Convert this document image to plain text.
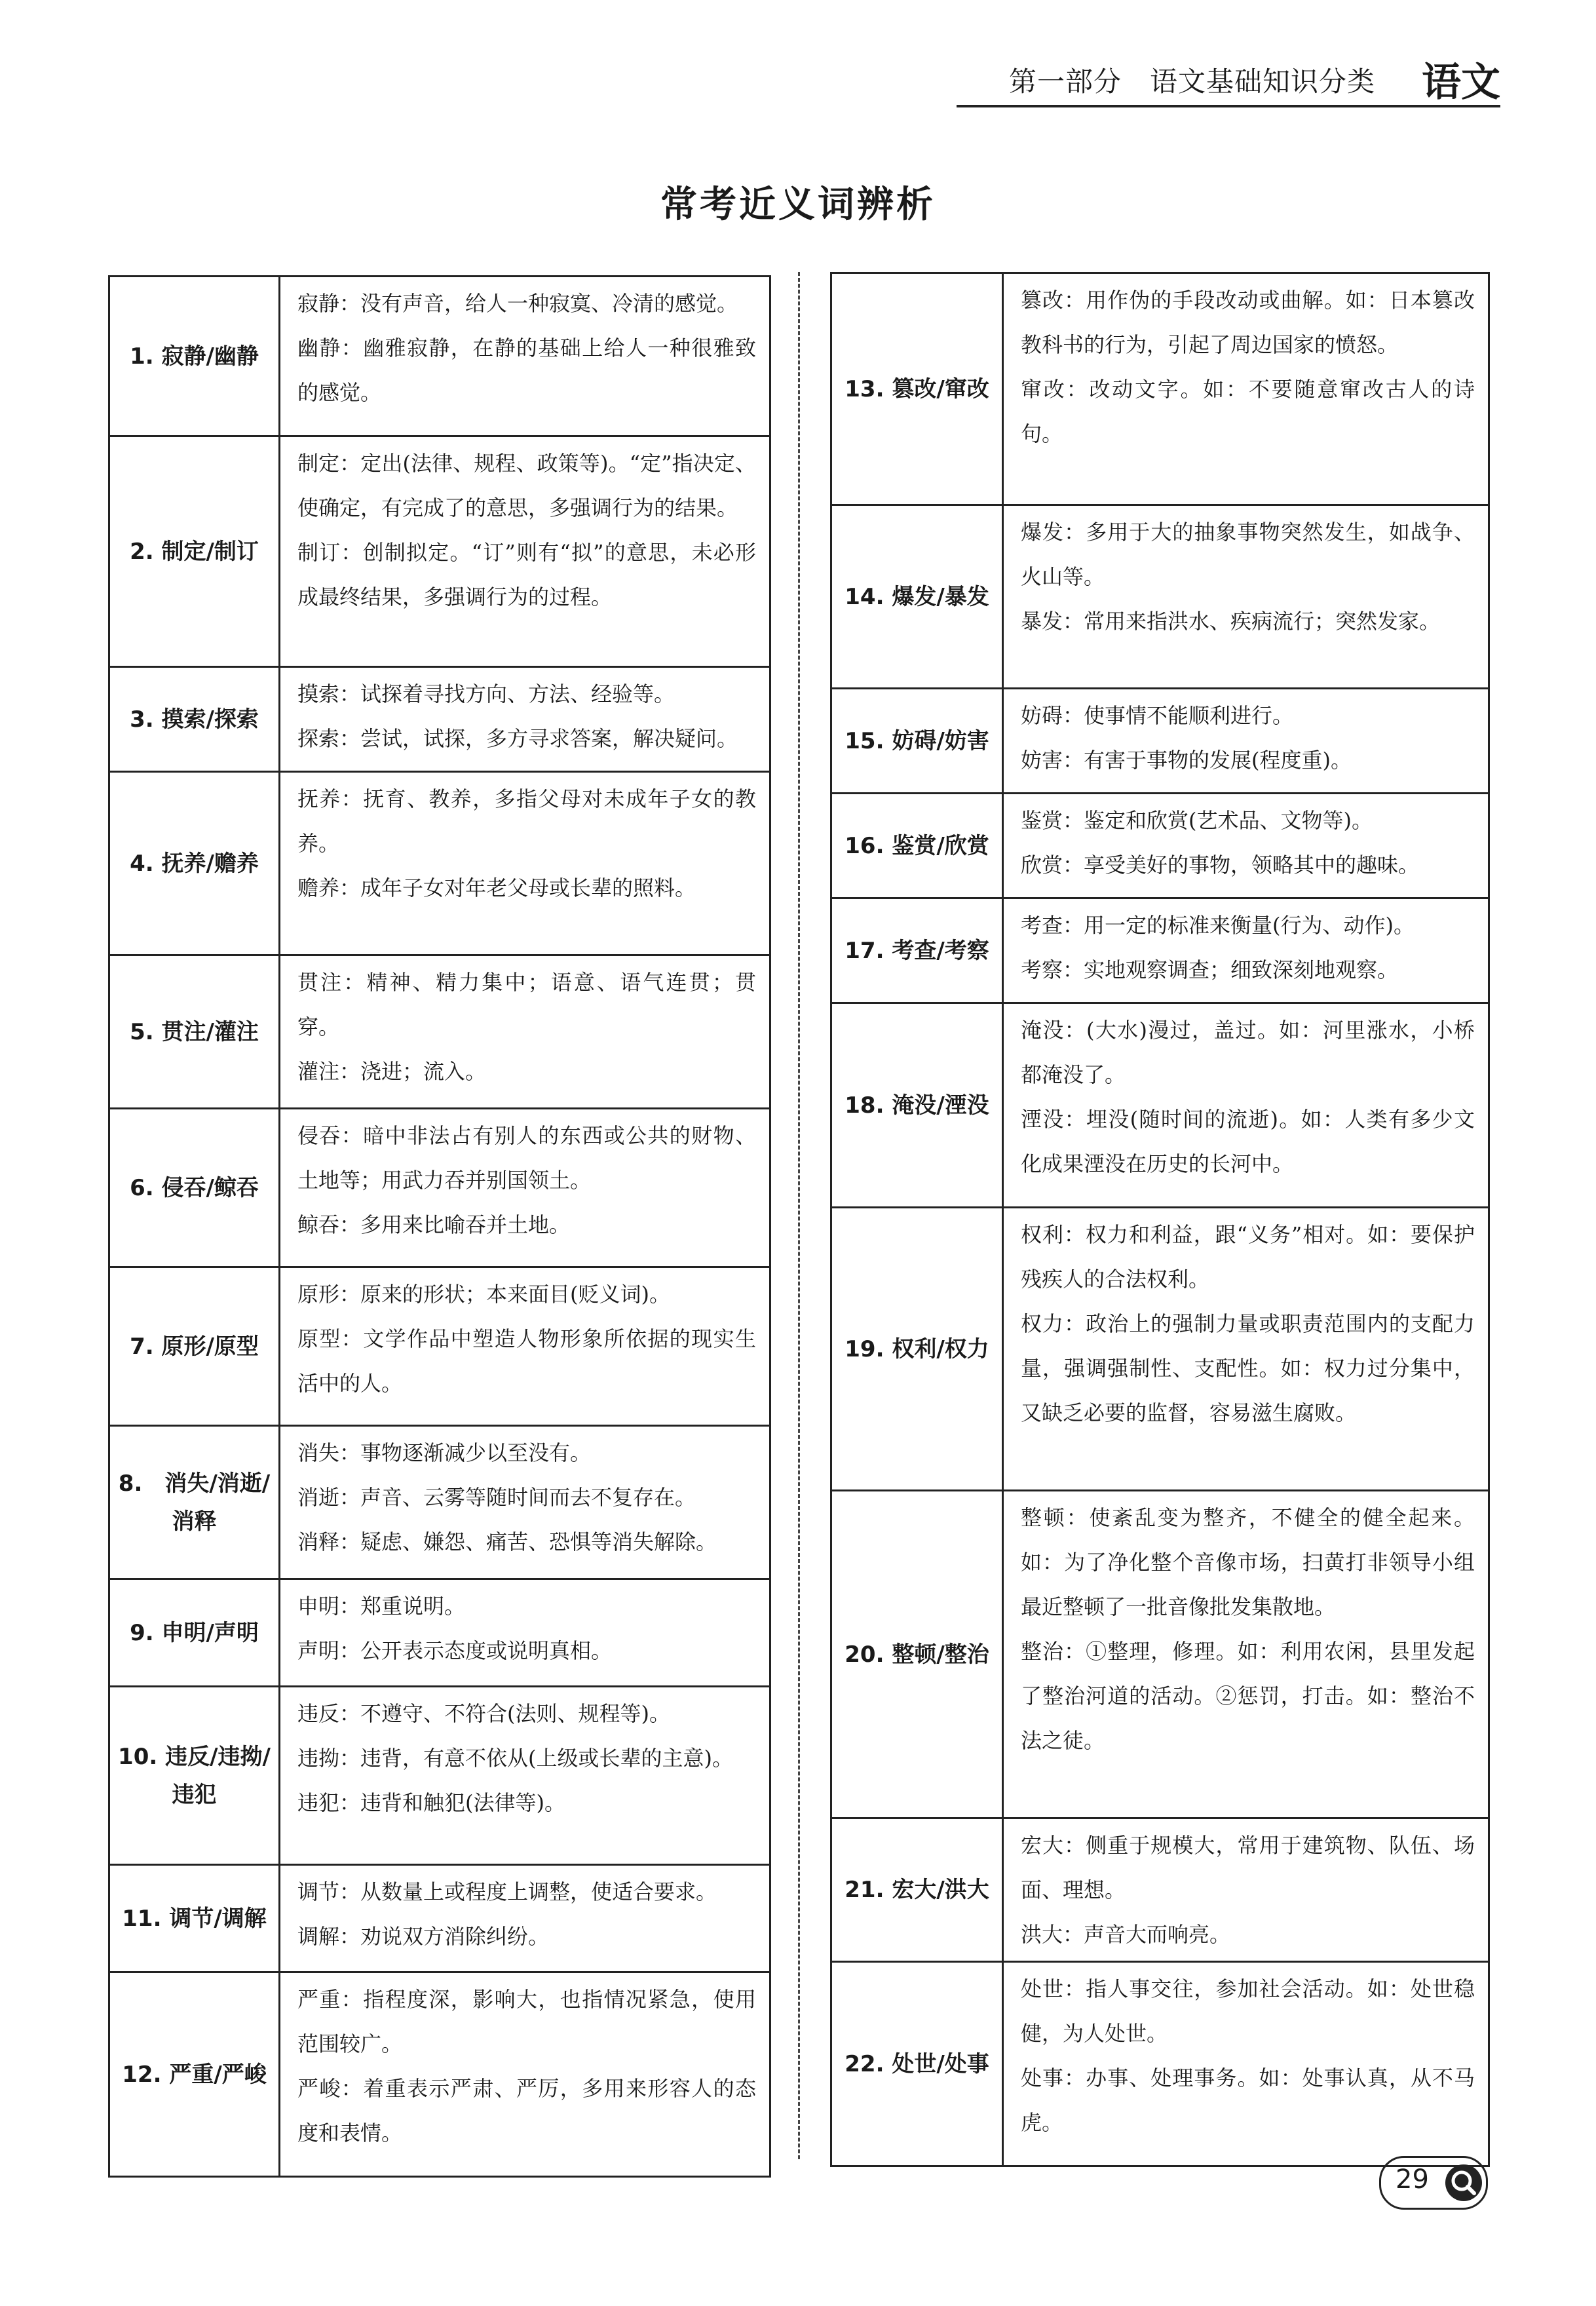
第一部分　语文基础知识分类 语文
常考近义词辨析
1. 寂静/幽静	寂静：没有声音，给人一种寂寞、冷清的感觉。

幽静：幽雅寂静，在静的基础上给人一种很雅致的感觉。

2. 制定/制订	制定：定出(法律、规程、政策等)。“定”指决定、使确定，有完成了的意思，多强调行为的结果。

制订：创制拟定。“订”则有“拟”的意思，未必形成最终结果，多强调行为的过程。

3. 摸索/探索	摸索：试探着寻找方向、方法、经验等。

探索：尝试，试探，多方寻求答案，解决疑问。

4. 抚养/赡养	抚养：抚育、教养，多指父母对未成年子女的教养。

赡养：成年子女对年老父母或长辈的照料。

5. 贯注/灌注	贯注：精神、精力集中；语意、语气连贯；贯穿。

灌注：浇进；流入。

6. 侵吞/鲸吞	侵吞：暗中非法占有别人的东西或公共的财物、土地等；用武力吞并别国领土。

鲸吞：多用来比喻吞并土地。

7. 原形/原型	原形：原来的形状；本来面目(贬义词)。

原型：文学作品中塑造人物形象所依据的现实生活中的人。

8.　消失/消逝/消释	消失：事物逐渐减少以至没有。

消逝：声音、云雾等随时间而去不复存在。

消释：疑虑、嫌怨、痛苦、恐惧等消失解除。

9. 申明/声明	申明：郑重说明。

声明：公开表示态度或说明真相。

10. 违反/违拗/违犯	违反：不遵守、不符合(法则、规程等)。

违拗：违背，有意不依从(上级或长辈的主意)。

违犯：违背和触犯(法律等)。

11. 调节/调解	调节：从数量上或程度上调整，使适合要求。

调解：劝说双方消除纠纷。

12. 严重/严峻	严重：指程度深，影响大，也指情况紧急，使用范围较广。

严峻：着重表示严肃、严厉，多用来形容人的态度和表情。

13. 篡改/窜改	篡改：用作伪的手段改动或曲解。如：日本篡改教科书的行为，引起了周边国家的愤怒。

窜改：改动文字。如：不要随意窜改古人的诗句。

14. 爆发/暴发	爆发：多用于大的抽象事物突然发生，如战争、火山等。

暴发：常用来指洪水、疾病流行；突然发家。

15. 妨碍/妨害	妨碍：使事情不能顺利进行。

妨害：有害于事物的发展(程度重)。

16. 鉴赏/欣赏	鉴赏：鉴定和欣赏(艺术品、文物等)。

欣赏：享受美好的事物，领略其中的趣味。

17. 考查/考察	考查：用一定的标准来衡量(行为、动作)。

考察：实地观察调查；细致深刻地观察。

18. 淹没/湮没	淹没：(大水)漫过，盖过。如：河里涨水，小桥都淹没了。

湮没：埋没(随时间的流逝)。如：人类有多少文化成果湮没在历史的长河中。

19. 权利/权力	权利：权力和利益，跟“义务”相对。如：要保护残疾人的合法权利。

权力：政治上的强制力量或职责范围内的支配力量，强调强制性、支配性。如：权力过分集中，又缺乏必要的监督，容易滋生腐败。

20. 整顿/整治	整顿：使紊乱变为整齐，不健全的健全起来。如：为了净化整个音像市场，扫黄打非领导小组最近整顿了一批音像批发集散地。

整治：①整理，修理。如：利用农闲，县里发起了整治河道的活动。②惩罚，打击。如：整治不法之徒。

21. 宏大/洪大	宏大：侧重于规模大，常用于建筑物、队伍、场面、理想。

洪大：声音大而响亮。

22. 处世/处事	处世：指人事交往，参加社会活动。如：处世稳健，为人处世。

处事：办事、处理事务。如：处事认真，从不马虎。

29
